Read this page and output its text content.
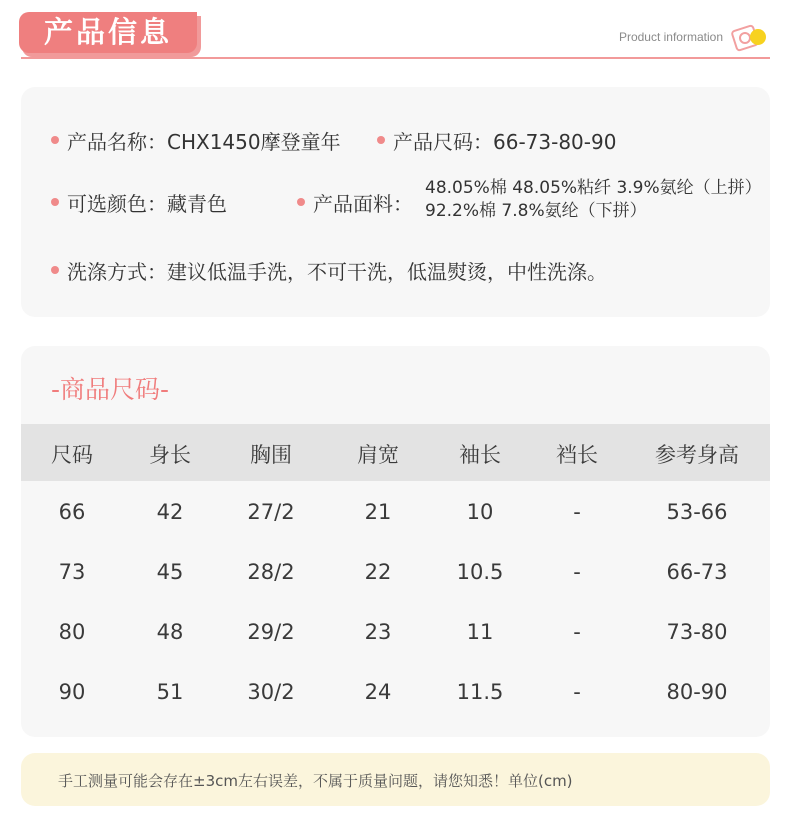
产品信息	Product information
产品名称：CHX1450摩登童年	产品尺码：66-73-80-90
可选颜色：藏青色	产品面料：
48.05%棉 48.05%粘纤 3.9%氨纶（上拼）
92.2%棉 7.8%氨纶（下拼）
洗涤方式：建议低温手洗，不可干洗，低温熨烫，中性洗涤。
-商品尺码-
尺码	身长	胸围	肩宽	袖长	裆长	参考身高
66	42	27/2	21	10	-	53-66
73	45	28/2	22	10.5	-	66-73
80	48	29/2	23	11	-	73-80
90	51	30/2	24	11.5	-	80-90
手工测量可能会存在±3cm左右误差，不属于质量问题，请您知悉！单位(cm)
